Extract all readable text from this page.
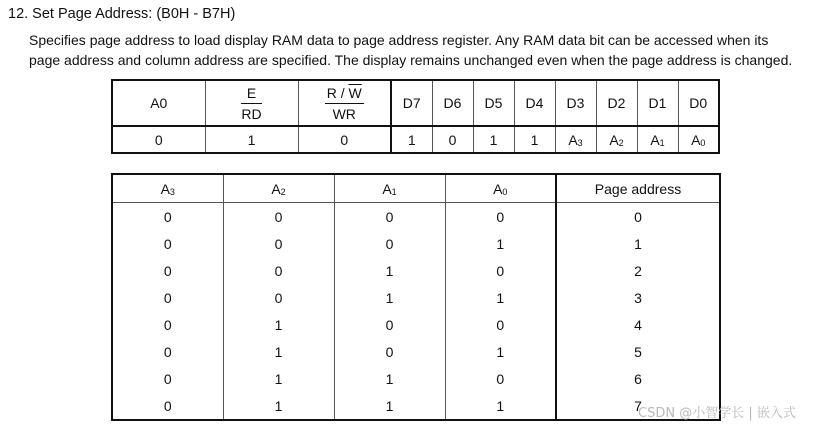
12. Set Page Address: (B0H - B7H)
Specifies page address to load display RAM data to page address register. Any RAM data bit can be accessed when its
page address and column address are specified. The display remains unchanged even when the page address is changed.
A0	$\frac{E}{RD}$	$\frac{R / \overline{W}}{WR}$	D7	D6	D5	D4	D3	D2	D1	D0
0	1	0	1	0	1	1	$A_3$	$A_2$	$A_1$	$A_0$
$A_3$	$A_2$	$A_1$	$A_0$	Page address
0	0	0	0	0
0	0	0	1	1
0	0	1	0	2
0	0	1	1	3
0	1	0	0	4
0	1	0	1	5
0	1	1	0	6
0	1	1	1	7
CSDN @小智学长 | 嵌入式
